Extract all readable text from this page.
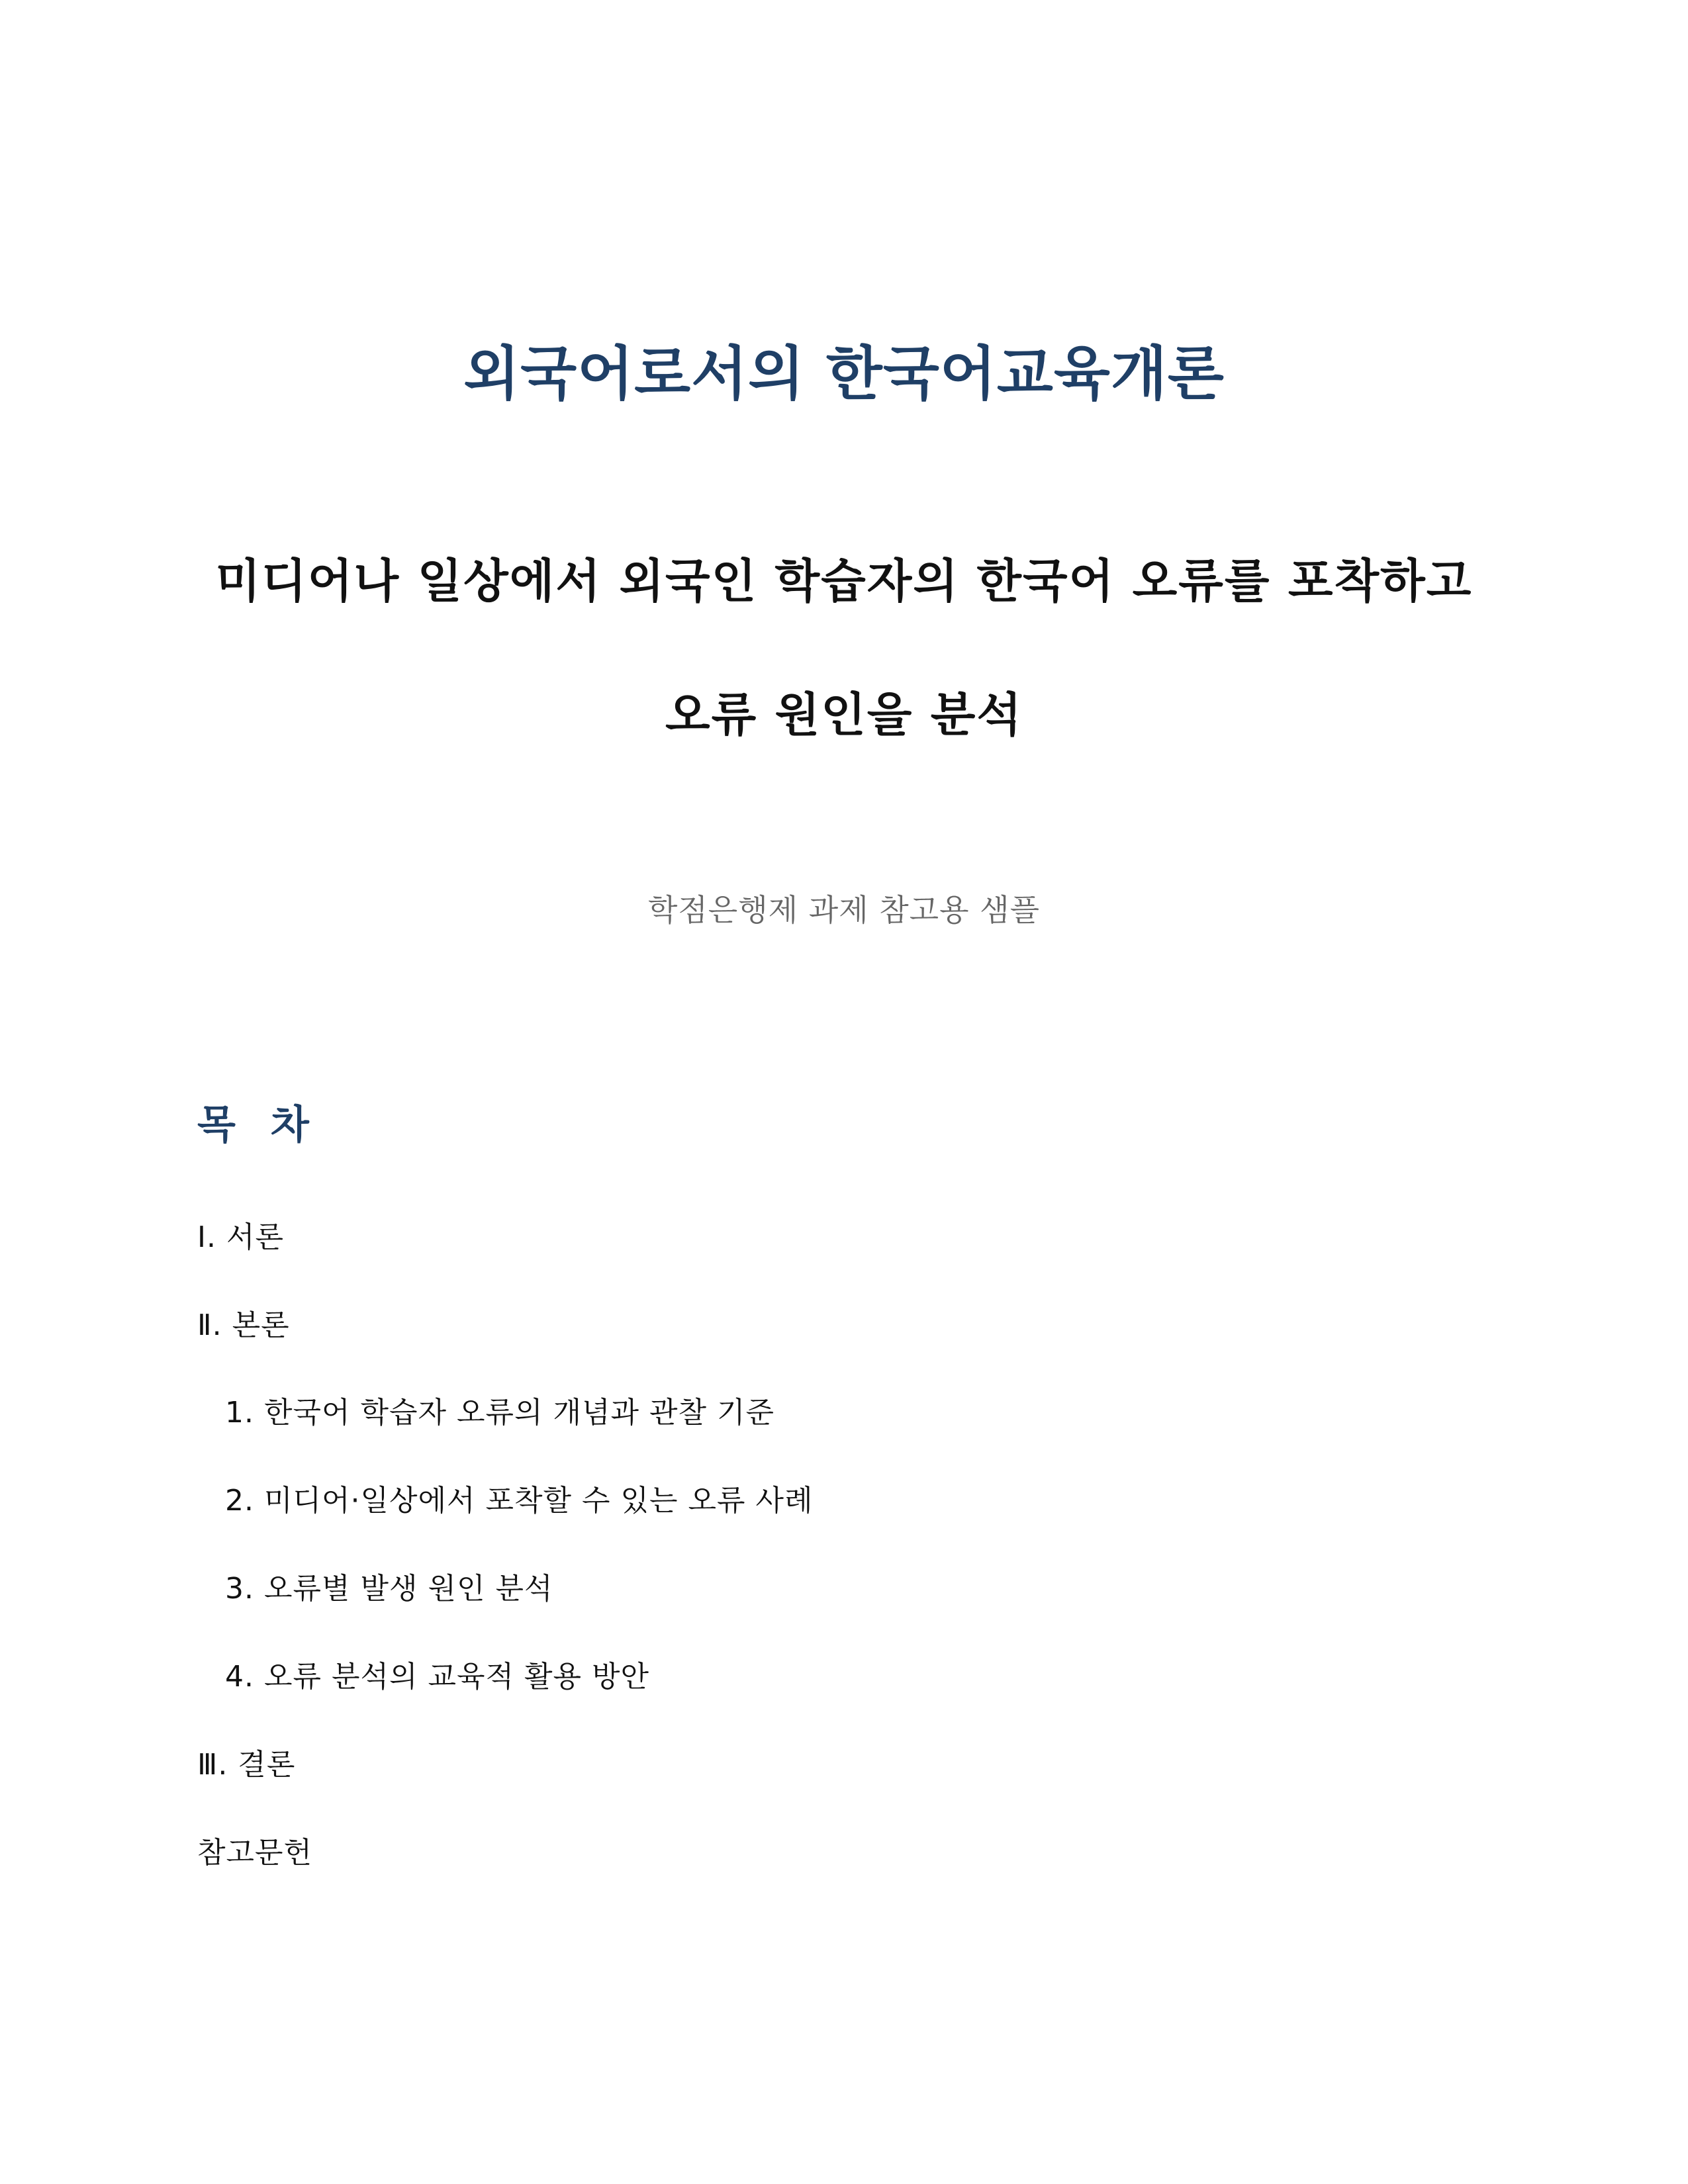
외국어로서의 한국어교육개론
미디어나 일상에서 외국인 학습자의 한국어 오류를 포착하고
오류 원인을 분석
학점은행제 과제 참고용 샘플
목 차
Ⅰ. 서론
Ⅱ. 본론
1. 한국어 학습자 오류의 개념과 관찰 기준
2. 미디어·일상에서 포착할 수 있는 오류 사례
3. 오류별 발생 원인 분석
4. 오류 분석의 교육적 활용 방안
Ⅲ. 결론
참고문헌
